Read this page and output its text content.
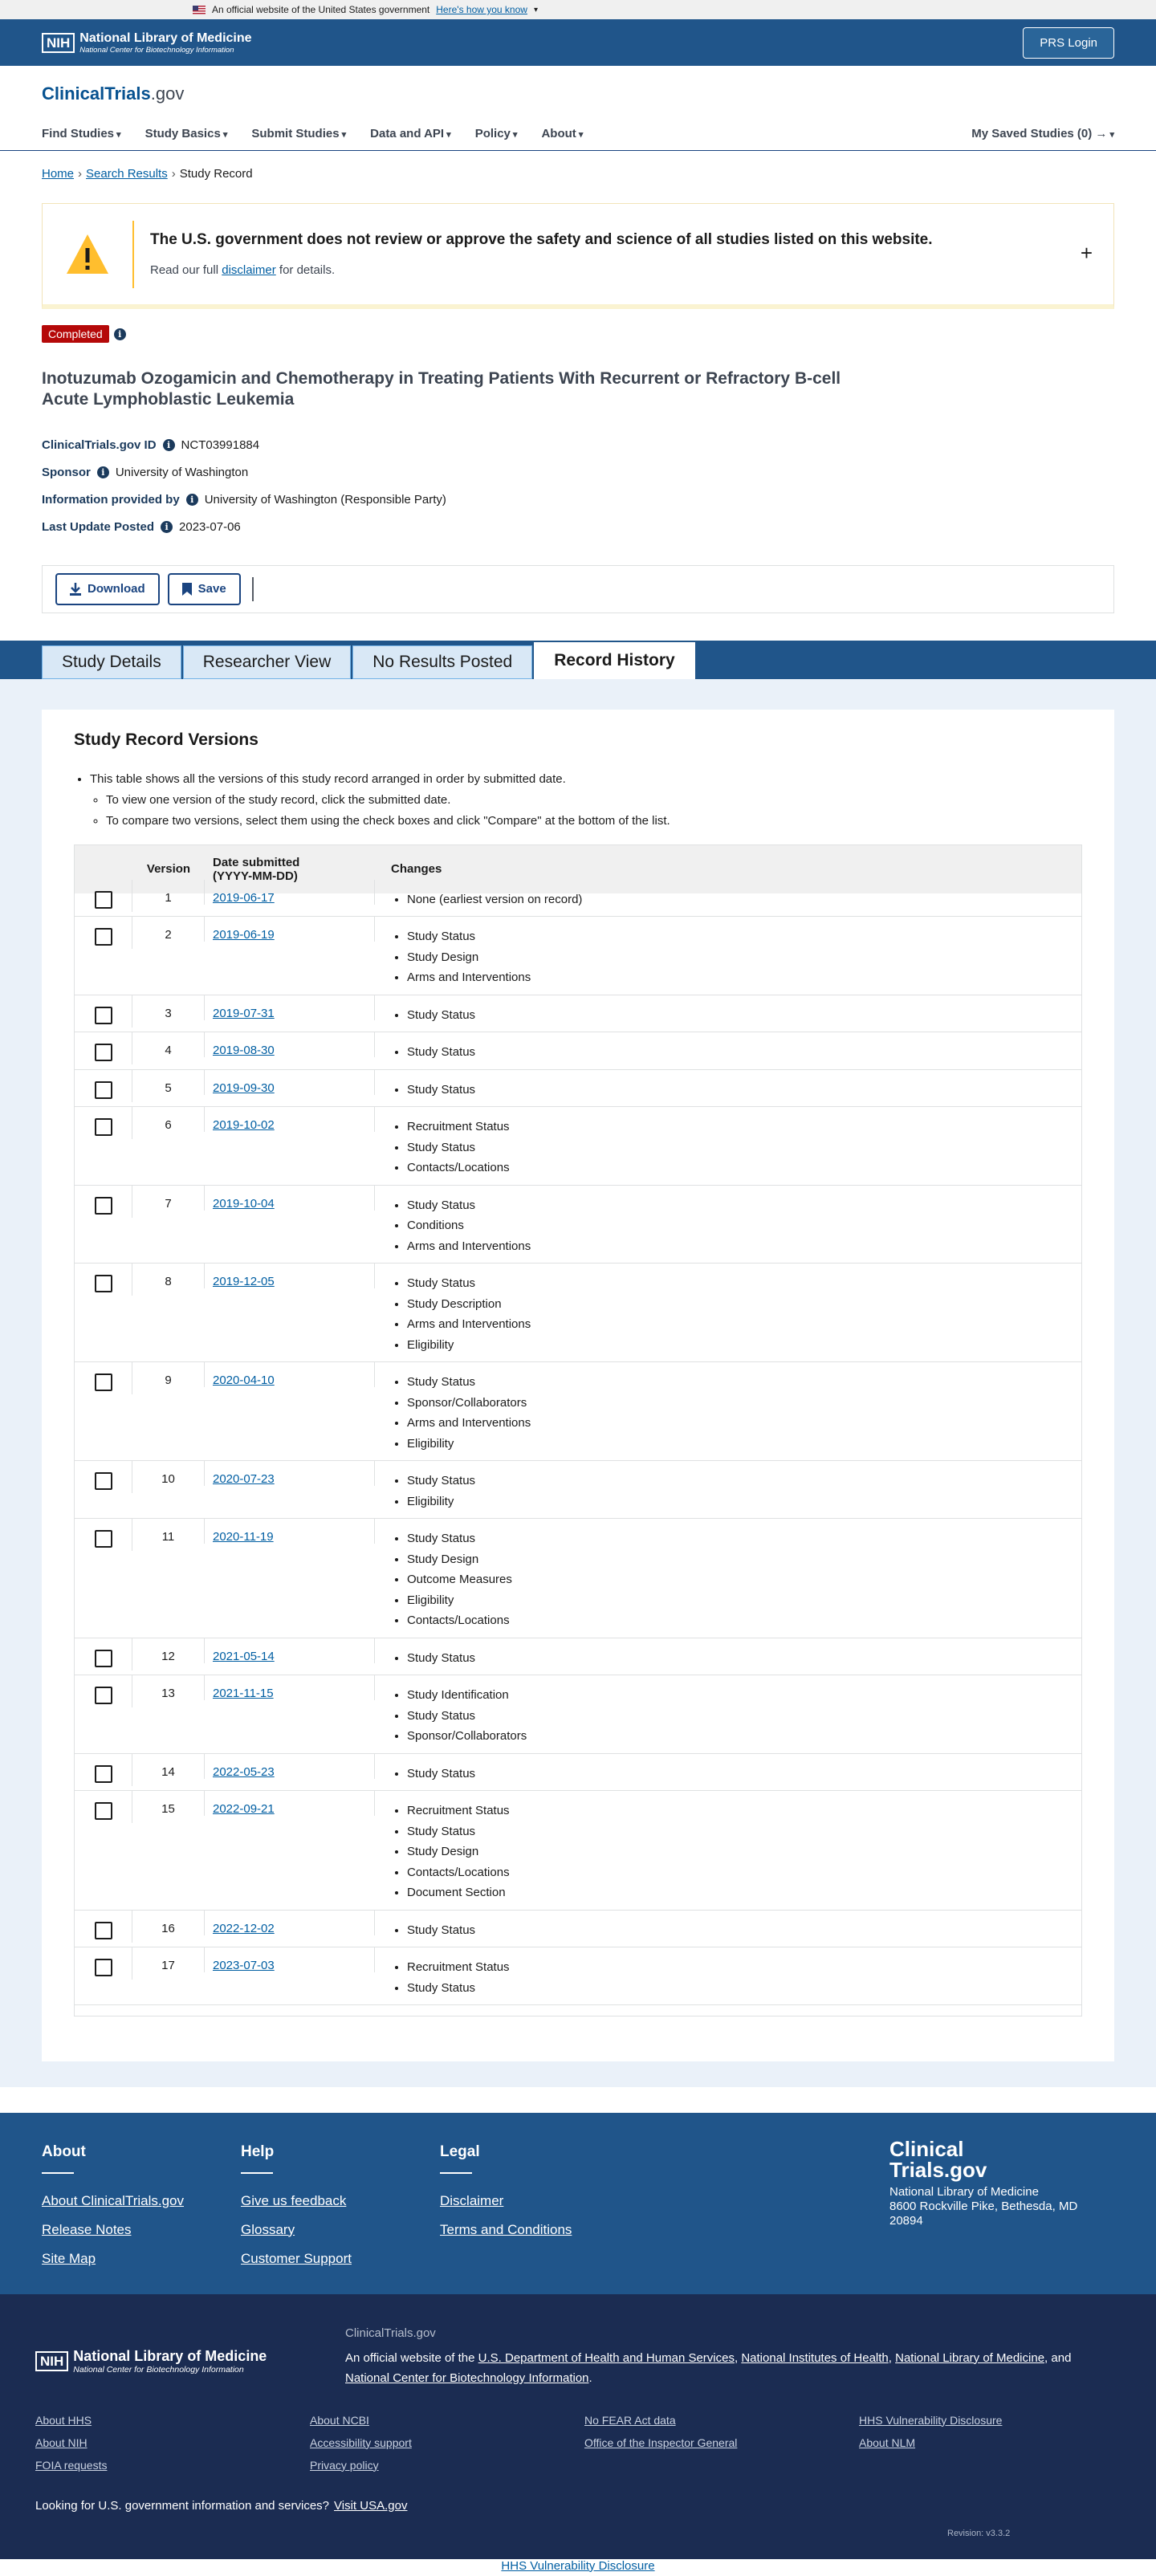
An official website of the United States government Here's how you know ▾
NIH National Library of Medicine
National Center for Biotechnology Information
PRS Login
ClinicalTrials.gov
Find Studies ▾	Study Basics ▾	Submit Studies ▾	Data and API ▾	Policy ▾	About ▾	My Saved Studies (0) → ▾
Home › Search Results › Study Record
The U.S. government does not review or approve the safety and science of all studies listed on this website.

Read our full disclaimer for details.

+
Completed	i
Inotuzumab Ozogamicin and Chemotherapy in Treating Patients With Recurrent or Refractory B-cell Acute Lymphoblastic Leukemia
ClinicalTrials.gov ID	i NCT03991884
Sponsor	i University of Washington
Information provided by	i University of Washington (Responsible Party)
Last Update Posted	i 2023-07-06
Download	Save
Study Details	Researcher View	No Results Posted	Record History
Study Record Versions
• This table shows all the versions of this study record arranged in order by submitted date.
◦ To view one version of the study record, click the submitted date.
◦ To compare two versions, select them using the check boxes and click "Compare" at the bottom of the list.
Version	Date submitted
(YYYY-MM-DD)	Changes
1	2019-06-17	• None (earliest version on record)
2	2019-06-19	• Study Status
• Study Design
• Arms and Interventions
3	2019-07-31	• Study Status
4	2019-08-30	• Study Status
5	2019-09-30	• Study Status
6	2019-10-02	• Recruitment Status
• Study Status
• Contacts/Locations
7	2019-10-04	• Study Status
• Conditions
• Arms and Interventions
8	2019-12-05	• Study Status
• Study Description
• Arms and Interventions
• Eligibility
9	2020-04-10	• Study Status
• Sponsor/Collaborators
• Arms and Interventions
• Eligibility
10	2020-07-23	• Study Status
• Eligibility
11	2020-11-19	• Study Status
• Study Design
• Outcome Measures
• Eligibility
• Contacts/Locations
12	2021-05-14	• Study Status
13	2021-11-15	• Study Identification
• Study Status
• Sponsor/Collaborators
14	2022-05-23	• Study Status
15	2022-09-21	• Recruitment Status
• Study Status
• Study Design
• Contacts/Locations
• Document Section
16	2022-12-02	• Study Status
17	2023-07-03	• Recruitment Status
• Study Status
About
About ClinicalTrials.gov
Release Notes
Site Map
Help
Give us feedback
Glossary
Customer Support
Legal
Disclaimer
Terms and Conditions
Clinical
Trials.gov
National Library of Medicine
8600 Rockville Pike, Bethesda, MD 20894
NIH National Library of Medicine
National Center for Biotechnology Information
ClinicalTrials.gov
An official website of the U.S. Department of Health and Human Services, National Institutes of Health, National Library of Medicine, and National Center for Biotechnology Information.
About HHS	About NCBI	No FEAR Act data	HHS Vulnerability Disclosure
About NIH	Accessibility support	Office of the Inspector General	About NLM
FOIA requests	Privacy policy
Looking for U.S. government information and services? Visit USA.gov
Revision: v3.3.2
HHS Vulnerability Disclosure
